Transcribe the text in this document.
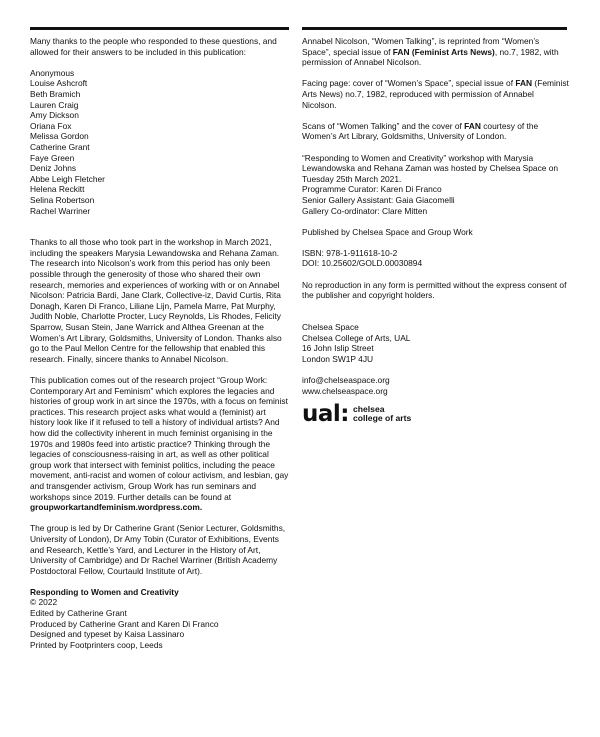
Many thanks to the people who responded to these questions, and allowed for their answers to be included in this publication:

Anonymous
Louise Ashcroft
Beth Bramich
Lauren Craig
Amy Dickson
Oriana Fox
Melissa Gordon
Catherine Grant
Faye Green
Deniz Johns
Abbe Leigh Fletcher
Helena Reckitt
Selina Robertson
Rachel Warriner

Thanks to all those who took part in the workshop in March 2021, including the speakers Marysia Lewandowska and Rehana Zaman. The research into Nicolson’s work from this period has only been possible through the generosity of those who shared their own research, memories and experiences of working with or on Annabel Nicolson: Patricia Bardi, Jane Clark, Collective-iz, David Curtis, Rita Donagh, Karen Di Franco, Liliane Lijn, Pamela Marre, Pat Murphy, Judith Noble, Charlotte Procter, Lucy Reynolds, Lis Rhodes, Felicity Sparrow, Susan Stein, Jane Warrick and Althea Greenan at the Women’s Art Library, Goldsmiths, University of London. Thanks also go to the Paul Mellon Centre for the fellowship that enabled this research. Finally, sincere thanks to Annabel Nicolson.

This publication comes out of the research project “Group Work: Contemporary Art and Feminism” which explores the legacies and histories of group work in art since the 1970s, with a focus on feminist practices. This research project asks what would a (feminist) art history look like if it refused to tell a history of individual artists? And how did the collectivity inherent in much feminist organising in the 1970s and 1980s feed into artistic practice? Thinking through the legacies of consciousness-raising in art, as well as other political group work that intersect with feminist politics, including the peace movement, anti-racist and women of colour activism, and lesbian, gay and transgender activism, Group Work has run seminars and workshops since 2019. Further details can be found at groupworkartandfeminism.wordpress.com.

The group is led by Dr Catherine Grant (Senior Lecturer, Goldsmiths, University of London), Dr Amy Tobin (Curator of Exhibitions, Events and Research, Kettle’s Yard, and Lecturer in the History of Art, University of Cambridge) and Dr Rachel Warriner (British Academy Postdoctoral Fellow, Courtauld Institute of Art).

Responding to Women and Creativity
© 2022
Edited by Catherine Grant
Produced by Catherine Grant and Karen Di Franco
Designed and typeset by Kaisa Lassinaro
Printed by Footprinters coop, Leeds

Annabel Nicolson, “Women Talking”, is reprinted from “Women’s Space”, special issue of FAN (Feminist Arts News), no.7, 1982, with permission of Annabel Nicolson.

Facing page: cover of “Women’s Space”, special issue of FAN (Feminist Arts News) no.7, 1982, reproduced with permission of Annabel Nicolson.

Scans of “Women Talking” and the cover of FAN courtesy of the Women’s Art Library, Goldsmiths, University of London.

“Responding to Women and Creativity” workshop with Marysia Lewandowska and Rehana Zaman was hosted by Chelsea Space on Tuesday 25th March 2021.
Programme Curator: Karen Di Franco
Senior Gallery Assistant: Gaia Giacomelli
Gallery Co-ordinator: Clare Mitten

Published by Chelsea Space and Group Work

ISBN: 978-1-911618-10-2
DOI: 10.25602/GOLD.00030894

No reproduction in any form is permitted without the express consent of the publisher and copyright holders.

Chelsea Space
Chelsea College of Arts, UAL
16 John Islip Street
London SW1P 4JU

info@chelseaspace.org
www.chelseaspace.org

ual: chelsea
college of arts
